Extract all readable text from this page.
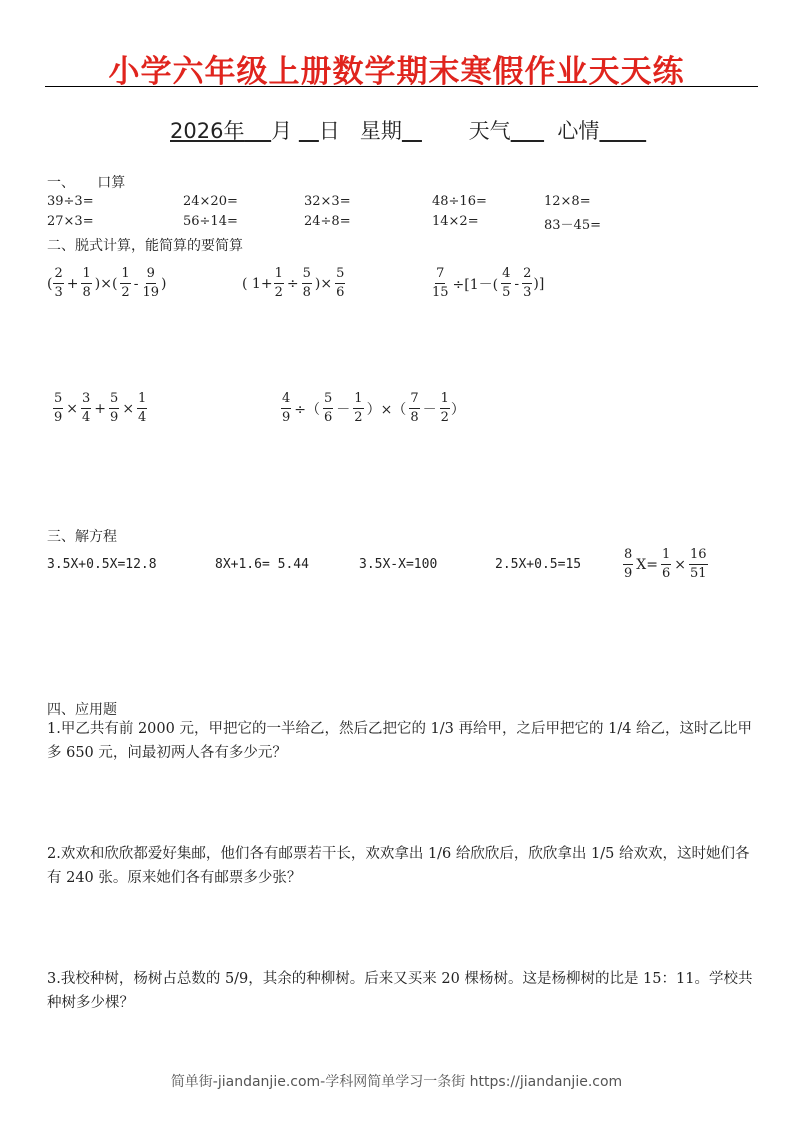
小学六年级上册数学期末寒假作业天天练
2026年 月 日 星期	天气 心情
一、 口算
39÷3=	24×20=	32×3=	48÷16=	12×8=
27×3=	56÷14=	24÷8=	14×2=	83－45=
二、脱式计算，能简算的要简算
( $\frac{2}{3} + \frac{1}{8}$ )×( $\frac{1}{2} - \frac{9}{19}$ )	( $1+ \frac{1}{2} \div \frac{5}{8}$ )× $\frac{5}{6}$	$\frac{7}{15} \div[1-( \frac{4}{5} - \frac{2}{3}$ )]
$\frac{5}{9} \times \frac{3}{4} + \frac{5}{9} \times \frac{1}{4}$	$\frac{4}{9}$ ÷（ $\frac{5}{6} - \frac{1}{2}$ ）×（ $\frac{7}{8} - \frac{1}{2}$ ）
三、解方程
3.5X+0.5X=12.8	8X+1.6= 5.44	3.5X-X=100	2.5X+0.5=15	$\frac{8}{9} X= \frac{1}{6} \times \frac{16}{51}$
四、应用题
1.甲乙共有前 2000 元，甲把它的一半给乙，然后乙把它的 1/3 再给甲，之后甲把它的 1/4 给乙，这时乙比甲多 650 元，问最初两人各有多少元？
2.欢欢和欣欣都爱好集邮，他们各有邮票若干长，欢欢拿出 1/6 给欣欣后，欣欣拿出 1/5 给欢欢，这时她们各有 240 张。原来她们各有邮票多少张？
3.我校种树，杨树占总数的 5/9，其余的种柳树。后来又买来 20 棵杨树。这是杨柳树的比是 15：11。学校共种树多少棵？
简单街-jiandanjie.com-学科网简单学习一条街 https://jiandanjie.com
